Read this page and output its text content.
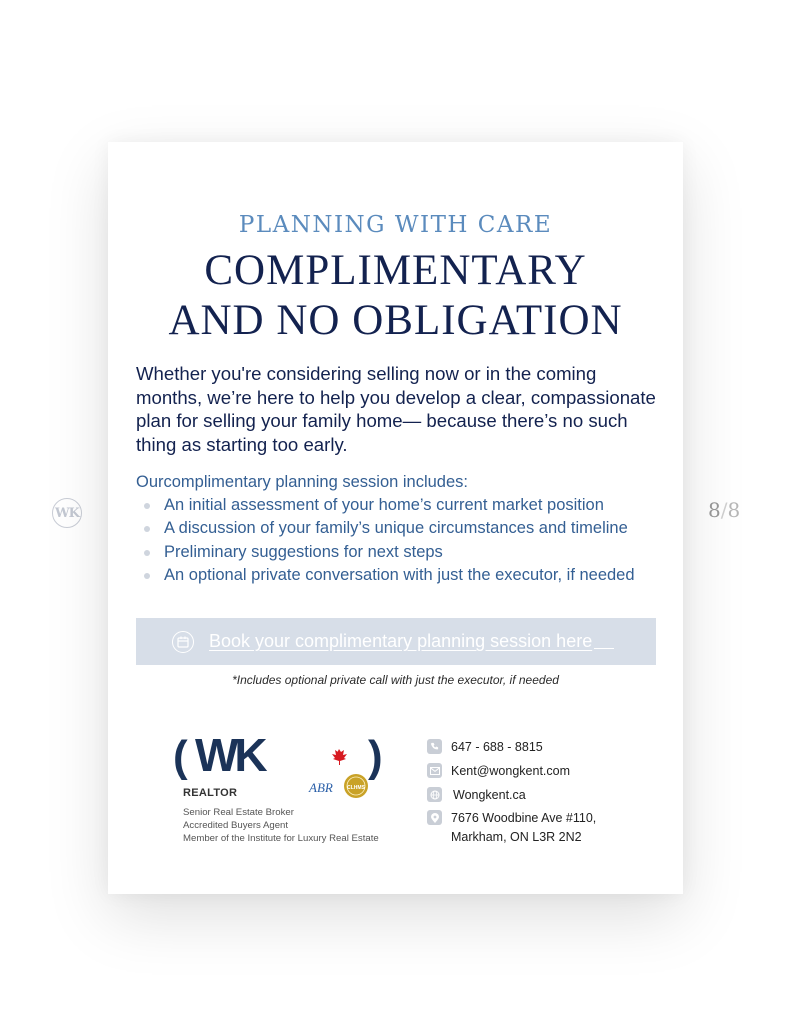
WK	8/8
PLANNING WITH CARE
COMPLIMENTARY
AND NO OBLIGATION
Whether you're considering selling now or in the coming months, we’re here to help you develop a clear, compassionate plan for selling your family home— because there’s no such thing as starting too early.
Ourcomplimentary planning session includes:
An initial assessment of your home’s current market position
A discussion of your family’s unique circumstances and timeline
Preliminary suggestions for next steps
An optional private conversation with just the executor, if needed
Book your complimentary planning session here
*Includes optional private call with just the executor, if needed
( WK )
ABR	CLHMS
REALTOR
Senior Real Estate Broker
Accredited Buyers Agent
Member of the Institute for Luxury Real Estate
647 - 688 - 8815
Kent@wongkent.com
Wongkent.ca
7676 Woodbine Ave #110,
Markham, ON L3R 2N2
